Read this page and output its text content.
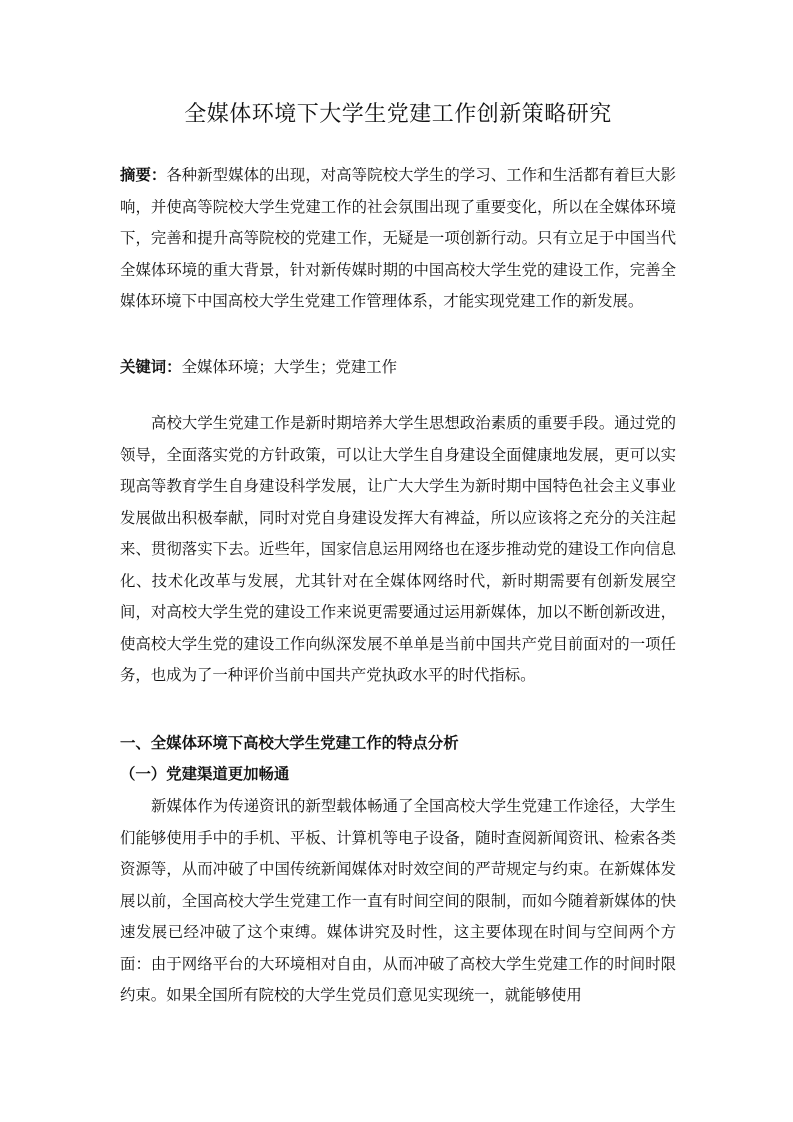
全媒体环境下大学生党建工作创新策略研究
摘要：各种新型媒体的出现，对高等院校大学生的学习、工作和生活都有着巨大影响，并使高等院校大学生党建工作的社会氛围出现了重要变化，所以在全媒体环境下，完善和提升高等院校的党建工作，无疑是一项创新行动。只有立足于中国当代全媒体环境的重大背景，针对新传媒时期的中国高校大学生党的建设工作，完善全媒体环境下中国高校大学生党建工作管理体系，才能实现党建工作的新发展。
关键词：全媒体环境；大学生；党建工作
高校大学生党建工作是新时期培养大学生思想政治素质的重要手段。通过党的领导，全面落实党的方针政策，可以让大学生自身建设全面健康地发展，更可以实现高等教育学生自身建设科学发展，让广大大学生为新时期中国特色社会主义事业发展做出积极奉献，同时对党自身建设发挥大有裨益，所以应该将之充分的关注起来、贯彻落实下去。近些年，国家信息运用网络也在逐步推动党的建设工作向信息化、技术化改革与发展，尤其针对在全媒体网络时代，新时期需要有创新发展空间，对高校大学生党的建设工作来说更需要通过运用新媒体，加以不断创新改进，使高校大学生党的建设工作向纵深发展不单单是当前中国共产党目前面对的一项任务，也成为了一种评价当前中国共产党执政水平的时代指标。
一、全媒体环境下高校大学生党建工作的特点分析
（一）党建渠道更加畅通
新媒体作为传递资讯的新型载体畅通了全国高校大学生党建工作途径，大学生们能够使用手中的手机、平板、计算机等电子设备，随时查阅新闻资讯、检索各类资源等，从而冲破了中国传统新闻媒体对时效空间的严苛规定与约束。在新媒体发展以前，全国高校大学生党建工作一直有时间空间的限制，而如今随着新媒体的快速发展已经冲破了这个束缚。媒体讲究及时性，这主要体现在时间与空间两个方面：由于网络平台的大环境相对自由，从而冲破了高校大学生党建工作的时间时限约束。如果全国所有院校的大学生党员们意见实现统一，就能够使用
